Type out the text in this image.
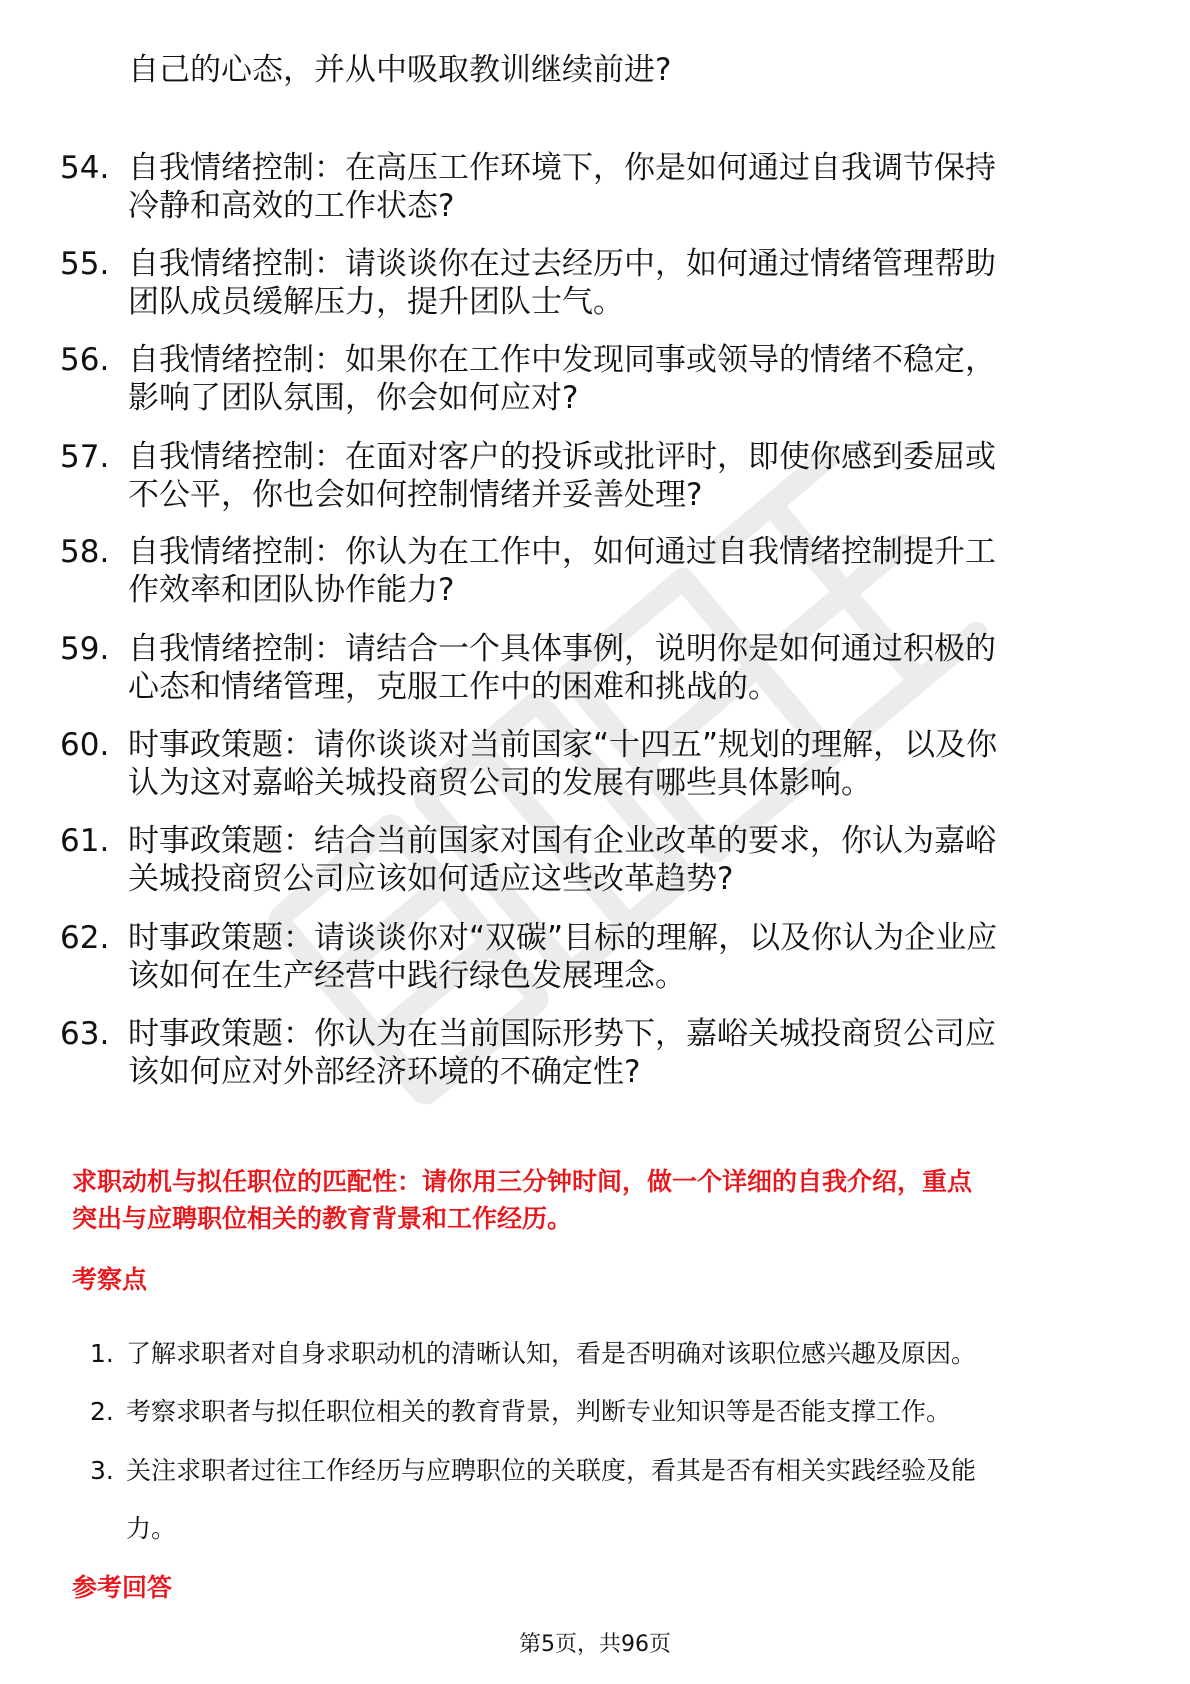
自己的心态，并从中吸取教训继续前进?
54. 自我情绪控制：在高压工作环境下，你是如何通过自我调节保持
冷静和高效的工作状态?
55. 自我情绪控制：请谈谈你在过去经历中，如何通过情绪管理帮助
团队成员缓解压力，提升团队士气。
56. 自我情绪控制：如果你在工作中发现同事或领导的情绪不稳定，
影响了团队氛围，你会如何应对?
57. 自我情绪控制：在面对客户的投诉或批评时，即使你感到委屈或
不公平，你也会如何控制情绪并妥善处理?
58. 自我情绪控制：你认为在工作中，如何通过自我情绪控制提升工
作效率和团队协作能力?
59. 自我情绪控制：请结合一个具体事例，说明你是如何通过积极的
心态和情绪管理，克服工作中的困难和挑战的。
60. 时事政策题：请你谈谈对当前国家“十四五”规划的理解，以及你
认为这对嘉峪关城投商贸公司的发展有哪些具体影响。
61. 时事政策题：结合当前国家对国有企业改革的要求，你认为嘉峪
关城投商贸公司应该如何适应这些改革趋势?
62. 时事政策题：请谈谈你对“双碳”目标的理解，以及你认为企业应
该如何在生产经营中践行绿色发展理念。
63. 时事政策题：你认为在当前国际形势下，嘉峪关城投商贸公司应
该如何应对外部经济环境的不确定性?
求职动机与拟任职位的匹配性：请你用三分钟时间，做一个详细的自我介绍，重点
突出与应聘职位相关的教育背景和工作经历。
考察点
1. 了解求职者对自身求职动机的清晰认知，看是否明确对该职位感兴趣及原因。
2. 考察求职者与拟任职位相关的教育背景，判断专业知识等是否能支撑工作。
3. 关注求职者过往工作经历与应聘职位的关联度，看其是否有相关实践经验及能
力。
参考回答
第5页，共96页
